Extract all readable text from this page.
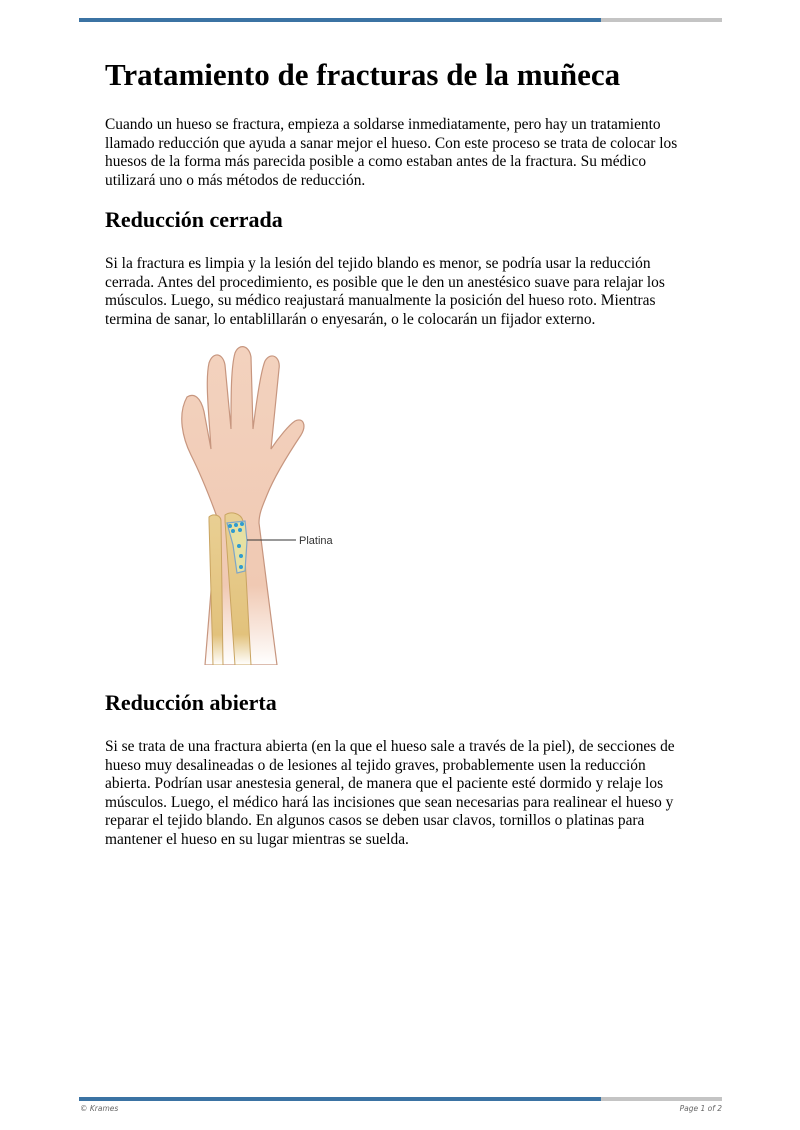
Tratamiento de fracturas de la muñeca

Cuando un hueso se fractura, empieza a soldarse inmediatamente, pero hay un tratamiento llamado reducción que ayuda a sanar mejor el hueso. Con este proceso se trata de colocar los huesos de la forma más parecida posible a como estaban antes de la fractura. Su médico utilizará uno o más métodos de reducción.

Reducción cerrada

Si la fractura es limpia y la lesión del tejido blando es menor, se podría usar la reducción cerrada. Antes del procedimiento, es posible que le den un anestésico suave para relajar los músculos. Luego, su médico reajustará manualmente la posición del hueso roto. Mientras termina de sanar, lo entablillarán o enyesarán, o le colocarán un fijador externo.

Reducción abierta

Si se trata de una fractura abierta (en la que el hueso sale a través de la piel), de secciones de hueso muy desalineadas o de lesiones al tejido graves, probablemente usen la reducción abierta. Podrían usar anestesia general, de manera que el paciente esté dormido y relaje los músculos. Luego, el médico hará las incisiones que sean necesarias para realinear el hueso y reparar el tejido blando. En algunos casos se deben usar clavos, tornillos o platinas para mantener el hueso en su lugar mientras se suelda.

Platina
© Krames	Page 1 of 2
